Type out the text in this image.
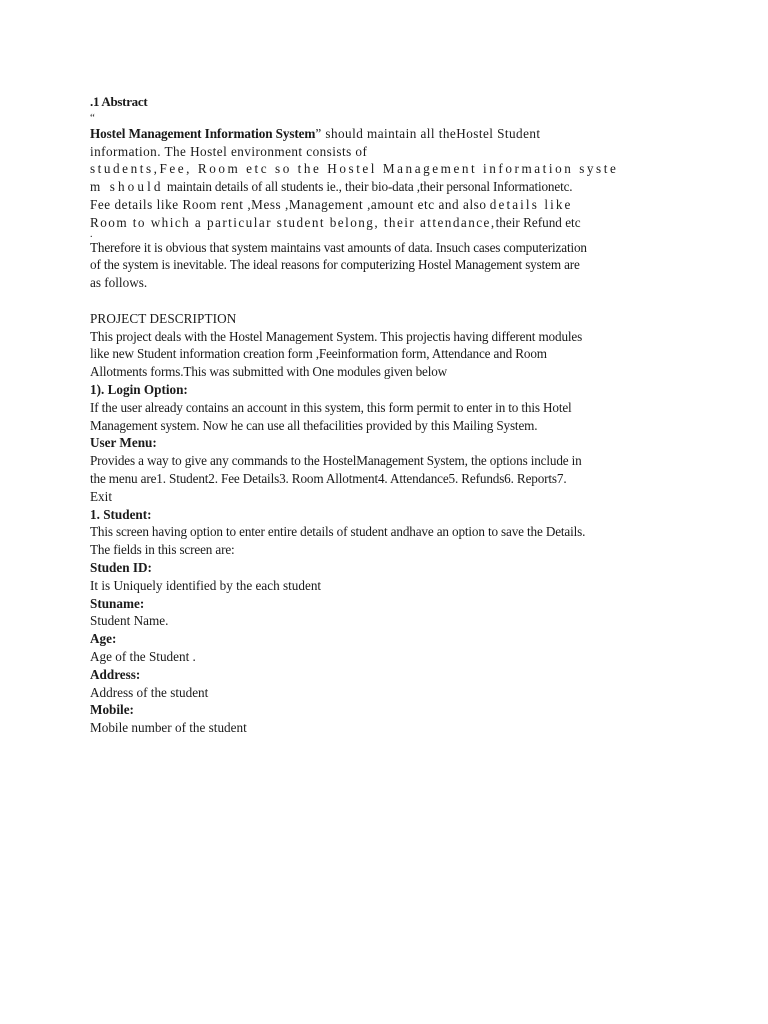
.1 Abstract
“
Hostel Management Information System” should maintain all theHostel Student
information. The Hostel environment consists of
students,Fee, Room etc so the Hostel Management information syste
m should maintain details of all students ie., their bio-data ,their personal Informationetc.
Fee details like Room rent ,Mess ,Management ,amount etc and also details like
Room to which a particular student belong, their attendance,their Refund etc
.
Therefore it is obvious that system maintains vast amounts of data. Insuch cases computerization
of the system is inevitable. The ideal reasons for computerizing Hostel Management system are
as follows.
PROJECT DESCRIPTION
This project deals with the Hostel Management System. This projectis having different modules
like new Student information creation form ,Feeinformation form, Attendance and Room
Allotments forms.This was submitted with One modules given below
1). Login Option:
If the user already contains an account in this system, this form permit to enter in to this Hotel
Management system. Now he can use all thefacilities provided by this Mailing System.
User Menu:
Provides a way to give any commands to the HostelManagement System, the options include in
the menu are1. Student2. Fee Details3. Room Allotment4. Attendance5. Refunds6. Reports7.
Exit
1. Student:
This screen having option to enter entire details of student andhave an option to save the Details.
The fields in this screen are:
Studen ID:
It is Uniquely identified by the each student
Stuname:
Student Name.
Age:
Age of the Student .
Address:
Address of the student
Mobile:
Mobile number of the student
